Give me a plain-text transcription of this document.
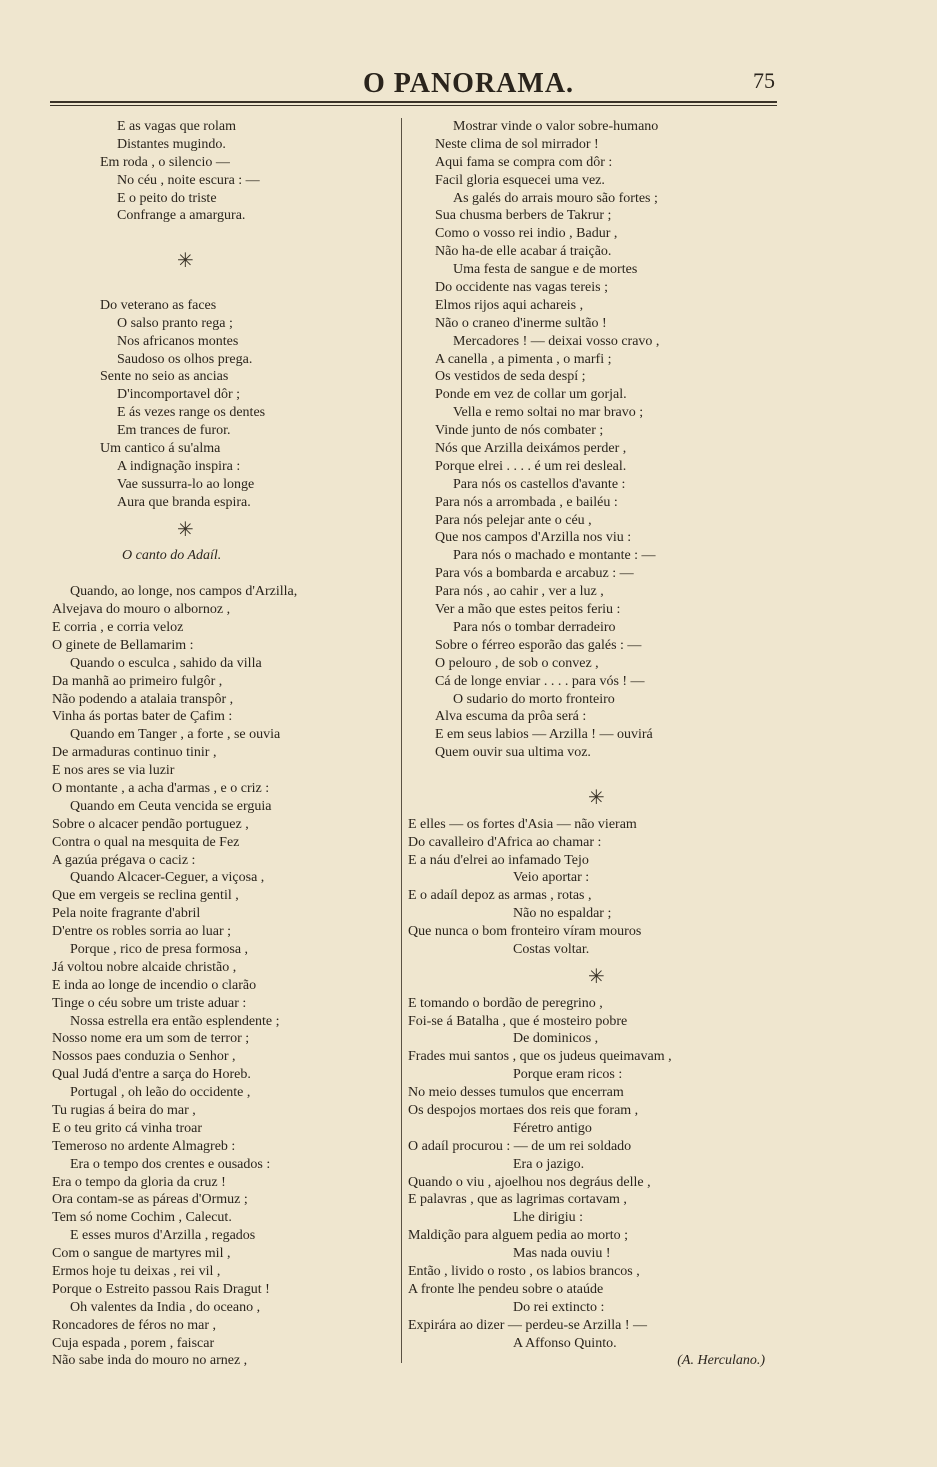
O PANORAMA.	75
E as vagas que rolam
Distantes mugindo.
Em roda , o silencio —
No céu , noite escura : —
E o peito do triste
Confrange a amargura.
✳
Do veterano as faces
O salso pranto rega ;
Nos africanos montes
Saudoso os olhos prega.
Sente no seio as ancias
D'incomportavel dôr ;
E ás vezes range os dentes
Em trances de furor.
Um cantico á su'alma
A indignação inspira :
Vae sussurra-lo ao longe
Aura que branda espira.
✳
O canto do Adaíl.
Quando, ao longe, nos campos d'Arzilla,
Alvejava do mouro o albornoz ,
E corria , e corria veloz
O ginete de Bellamarim :
Quando o esculca , sahido da villa
Da manhã ao primeiro fulgôr ,
Não podendo a atalaia transpôr ,
Vinha ás portas bater de Çafim :
Quando em Tanger , a forte , se ouvia
De armaduras continuo tinir ,
E nos ares se via luzir
O montante , a acha d'armas , e o criz :
Quando em Ceuta vencida se erguia
Sobre o alcacer pendão portuguez ,
Contra o qual na mesquita de Fez
A gazúa prégava o caciz :
Quando Alcacer-Ceguer, a viçosa ,
Que em vergeis se reclina gentil ,
Pela noite fragrante d'abril
D'entre os robles sorria ao luar ;
Porque , rico de presa formosa ,
Já voltou nobre alcaide christão ,
E inda ao longe de incendio o clarão
Tinge o céu sobre um triste aduar :
Nossa estrella era então esplendente ;
Nosso nome era um som de terror ;
Nossos paes conduzia o Senhor ,
Qual Judá d'entre a sarça do Horeb.
Portugal , oh leão do occidente ,
Tu rugias á beira do mar ,
E o teu grito cá vinha troar
Temeroso no ardente Almagreb :
Era o tempo dos crentes e ousados :
Era o tempo da gloria da cruz !
Ora contam-se as páreas d'Ormuz ;
Tem só nome Cochim , Calecut.
E esses muros d'Arzilla , regados
Com o sangue de martyres mil ,
Ermos hoje tu deixas , rei vil ,
Porque o Estreito passou Rais Dragut !
Oh valentes da India , do oceano ,
Roncadores de féros no mar ,
Cuja espada , porem , faiscar
Não sabe inda do mouro no arnez ,
Mostrar vinde o valor sobre-humano
Neste clima de sol mirrador !
Aqui fama se compra com dôr :
Facil gloria esquecei uma vez.
As galés do arrais mouro são fortes ;
Sua chusma berbers de Takrur ;
Como o vosso rei indio , Badur ,
Não ha-de elle acabar á traição.
Uma festa de sangue e de mortes
Do occidente nas vagas tereis ;
Elmos rijos aqui achareis ,
Não o craneo d'inerme sultão !
Mercadores ! — deixai vosso cravo ,
A canella , a pimenta , o marfi ;
Os vestidos de seda despí ;
Ponde em vez de collar um gorjal.
Vella e remo soltai no mar bravo ;
Vinde junto de nós combater ;
Nós que Arzilla deixámos perder ,
Porque elrei . . . . é um rei desleal.
Para nós os castellos d'avante :
Para nós a arrombada , e bailéu :
Para nós pelejar ante o céu ,
Que nos campos d'Arzilla nos viu :
Para nós o machado e montante : —
Para vós a bombarda e arcabuz : —
Para nós , ao cahir , ver a luz ,
Ver a mão que estes peitos feriu :
Para nós o tombar derradeiro
Sobre o férreo esporão das galés : —
O pelouro , de sob o convez ,
Cá de longe enviar . . . . para vós ! —
O sudario do morto fronteiro
Alva escuma da prôa será :
E em seus labios — Arzilla ! — ouvirá
Quem ouvir sua ultima voz.
✳
E elles — os fortes d'Asia — não vieram
Do cavalleiro d'Africa ao chamar :
E a náu d'elrei ao infamado Tejo
Veio aportar :
E o adaíl depoz as armas , rotas ,
Não no espaldar ;
Que nunca o bom fronteiro víram mouros
Costas voltar.
✳
E tomando o bordão de peregrino ,
Foi-se á Batalha , que é mosteiro pobre
De dominicos ,
Frades mui santos , que os judeus queimavam ,
Porque eram ricos :
No meio desses tumulos que encerram
Os despojos mortaes dos reis que foram ,
Féretro antigo
O adaíl procurou : — de um rei soldado
Era o jazigo.
Quando o viu , ajoelhou nos degráus delle ,
E palavras , que as lagrimas cortavam ,
Lhe dirigiu :
Maldição para alguem pedia ao morto ;
Mas nada ouviu !
Então , livido o rosto , os labios brancos ,
A fronte lhe pendeu sobre o ataúde
Do rei extincto :
Expirára ao dizer — perdeu-se Arzilla ! —
A Affonso Quinto.
(A. Herculano.)
